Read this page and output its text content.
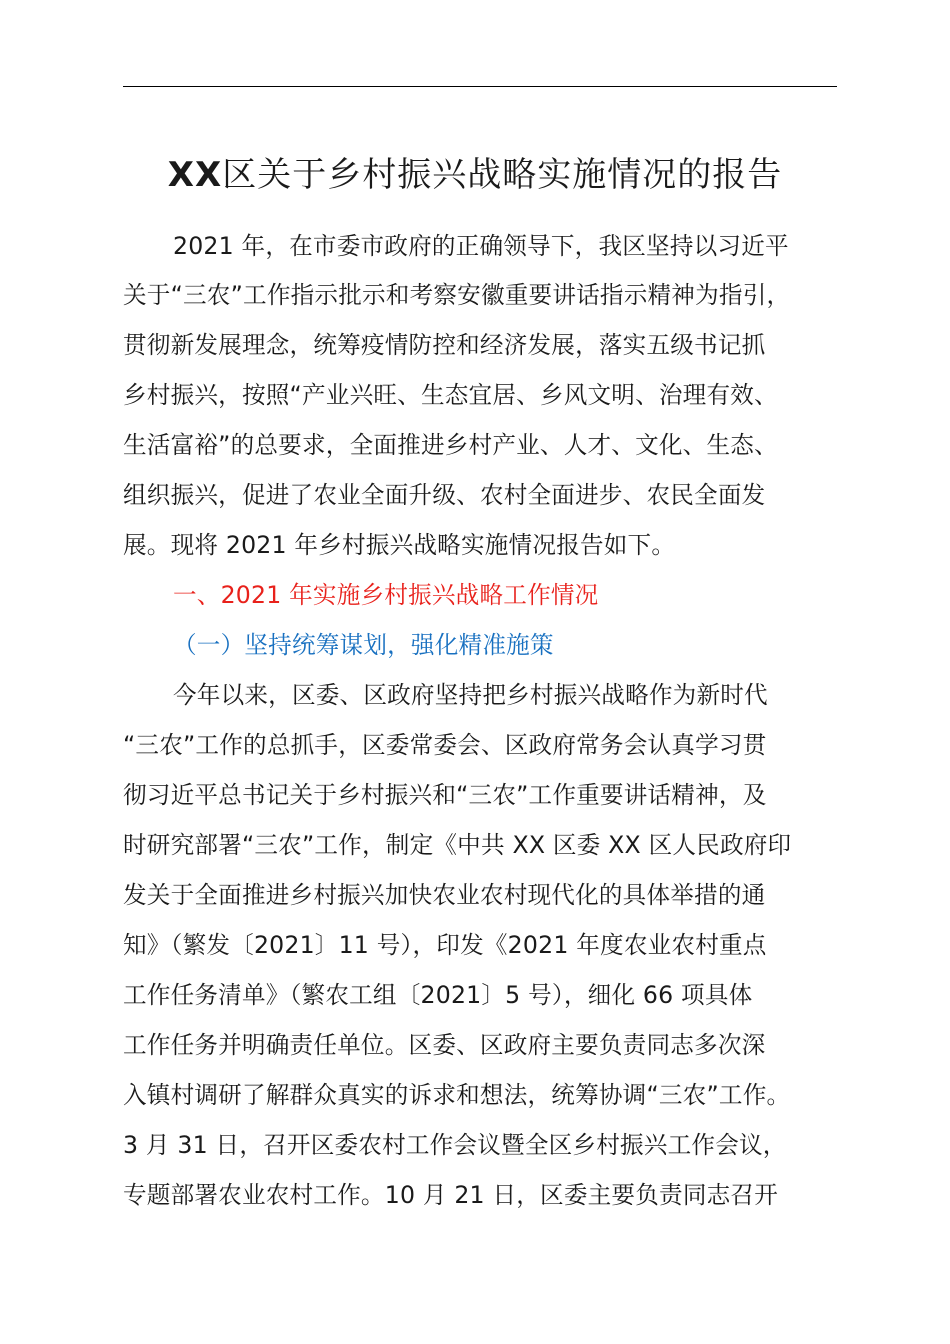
XX区关于乡村振兴战略实施情况的报告
2021 年，在市委市政府的正确领导下，我区坚持以习近平
关于“三农”工作指示批示和考察安徽重要讲话指示精神为指引，
贯彻新发展理念，统筹疫情防控和经济发展，落实五级书记抓
乡村振兴，按照“产业兴旺、生态宜居、乡风文明、治理有效、
生活富裕”的总要求，全面推进乡村产业、人才、文化、生态、
组织振兴，促进了农业全面升级、农村全面进步、农民全面发
展。现将 2021 年乡村振兴战略实施情况报告如下。
一、2021 年实施乡村振兴战略工作情况
（一）坚持统筹谋划，强化精准施策
今年以来，区委、区政府坚持把乡村振兴战略作为新时代
“三农”工作的总抓手，区委常委会、区政府常务会认真学习贯
彻习近平总书记关于乡村振兴和“三农”工作重要讲话精神，及
时研究部署“三农”工作，制定《中共 XX 区委 XX 区人民政府印
发关于全面推进乡村振兴加快农业农村现代化的具体举措的通
知》（繁发〔2021〕11 号），印发《2021 年度农业农村重点
工作任务清单》（繁农工组〔2021〕5 号），细化 66 项具体
工作任务并明确责任单位。区委、区政府主要负责同志多次深
入镇村调研了解群众真实的诉求和想法，统筹协调“三农”工作。
3 月 31 日，召开区委农村工作会议暨全区乡村振兴工作会议，
专题部署农业农村工作。10 月 21 日，区委主要负责同志召开
